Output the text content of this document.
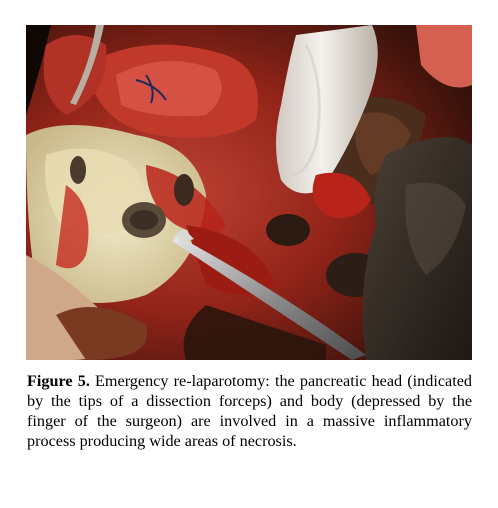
Figure 5. Emergency re-laparotomy: the pancreatic head (indicated by the tips of a dissection forceps) and body (depressed by the finger of the surgeon) are involved in a massive inflammatory process producing wide areas of necrosis.
